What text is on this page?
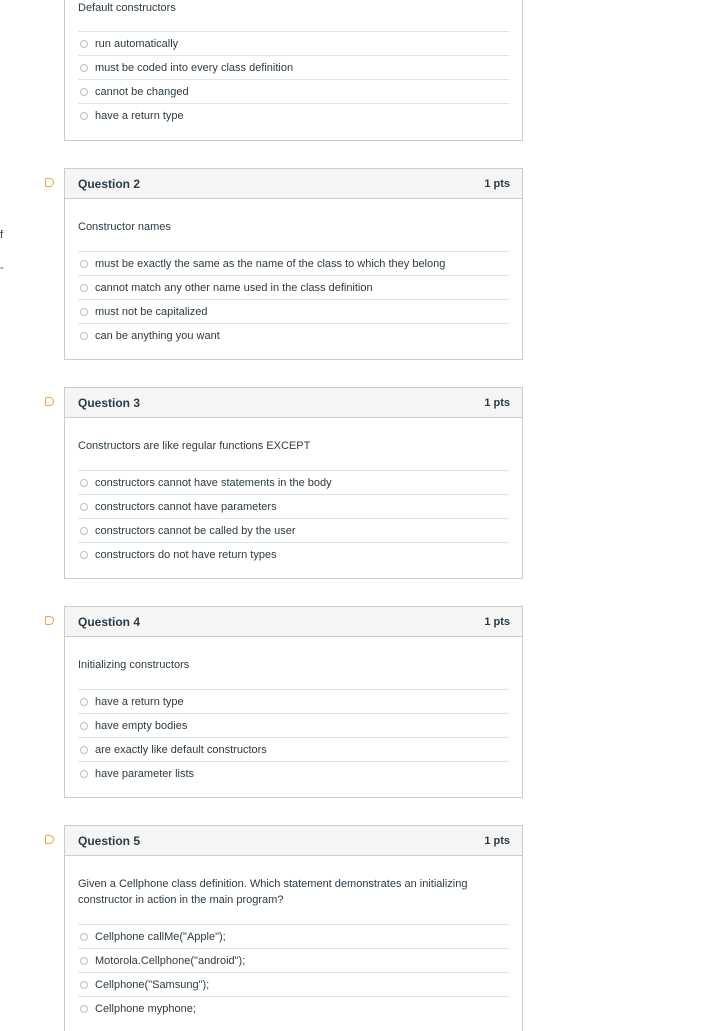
f
-
Default constructors
run automatically
must be coded into every class definition
cannot be changed
have a return type
Question 2	1 pts
Constructor names
must be exactly the same as the name of the class to which they belong
cannot match any other name used in the class definition
must not be capitalized
can be anything you want
Question 3	1 pts
Constructors are like regular functions EXCEPT
constructors cannot have statements in the body
constructors cannot have parameters
constructors cannot be called by the user
constructors do not have return types
Question 4	1 pts
Initializing constructors
have a return type
have empty bodies
are exactly like default constructors
have parameter lists
Question 5	1 pts
Given a Cellphone class definition. Which statement demonstrates an initializing constructor in action in the main program?
Cellphone callMe("Apple");
Motorola.Cellphone("android");
Cellphone("Samsung");
Cellphone myphone;
